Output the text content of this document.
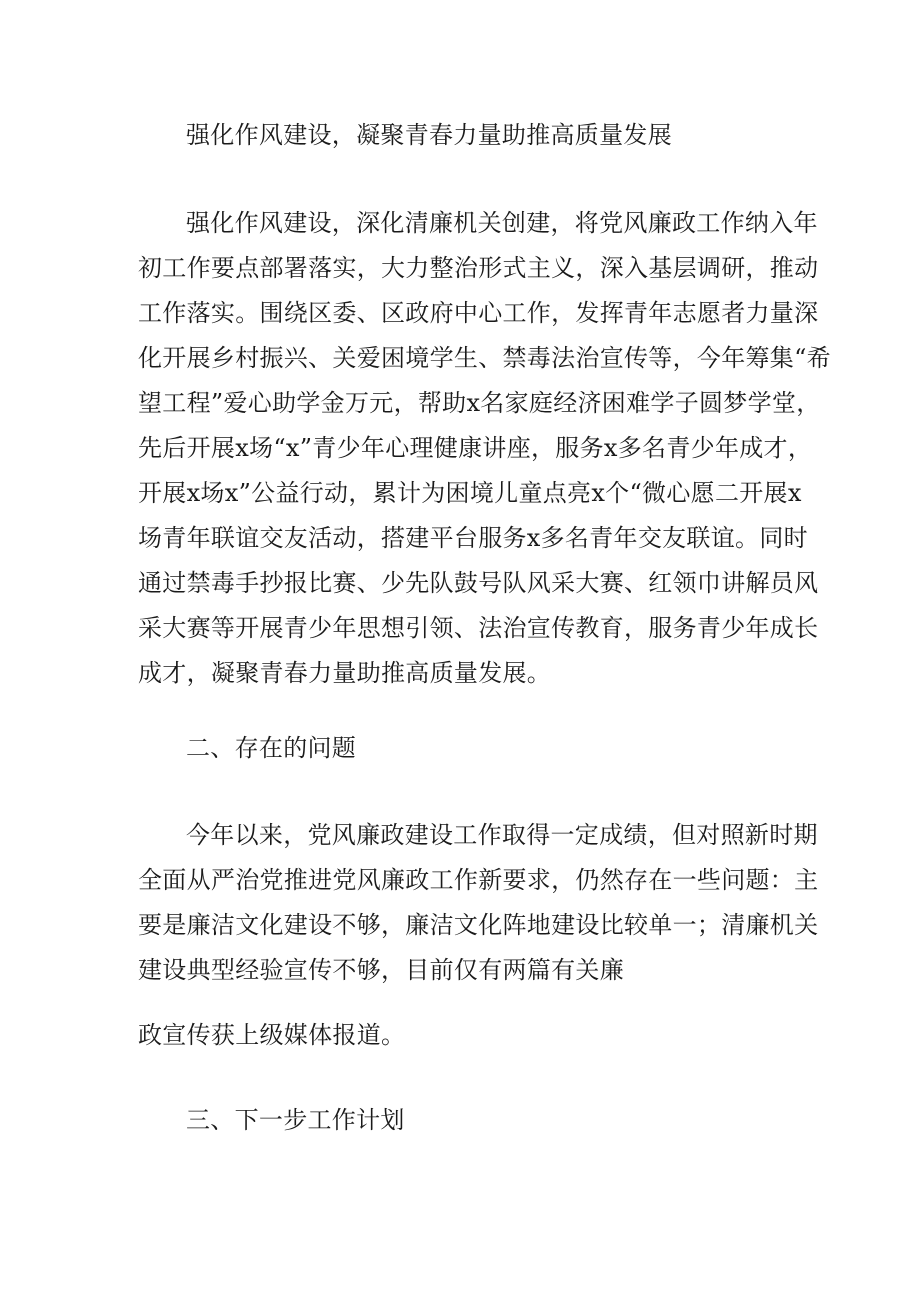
强化作风建设，凝聚青春力量助推高质量发展
强化作风建设，深化清廉机关创建，将党风廉政工作纳入年
初工作要点部署落实，大力整治形式主义，深入基层调研，推动
工作落实。围绕区委、区政府中心工作，发挥青年志愿者力量深
化开展乡村振兴、关爱困境学生、禁毒法治宣传等，今年筹集“希
望工程”爱心助学金万元，帮助x名家庭经济困难学子圆梦学堂，
先后开展x场“x”青少年心理健康讲座，服务x多名青少年成才，
开展x场x”公益行动，累计为困境儿童点亮x个“微心愿二开展x
场青年联谊交友活动，搭建平台服务x多名青年交友联谊。同时
通过禁毒手抄报比赛、少先队鼓号队风采大赛、红领巾讲解员风
采大赛等开展青少年思想引领、法治宣传教育，服务青少年成长
成才，凝聚青春力量助推高质量发展。
二、存在的问题
今年以来，党风廉政建设工作取得一定成绩，但对照新时期
全面从严治党推进党风廉政工作新要求，仍然存在一些问题：主
要是廉洁文化建设不够，廉洁文化阵地建设比较单一；清廉机关
建设典型经验宣传不够，目前仅有两篇有关廉
政宣传获上级媒体报道。
三、下一步工作计划
